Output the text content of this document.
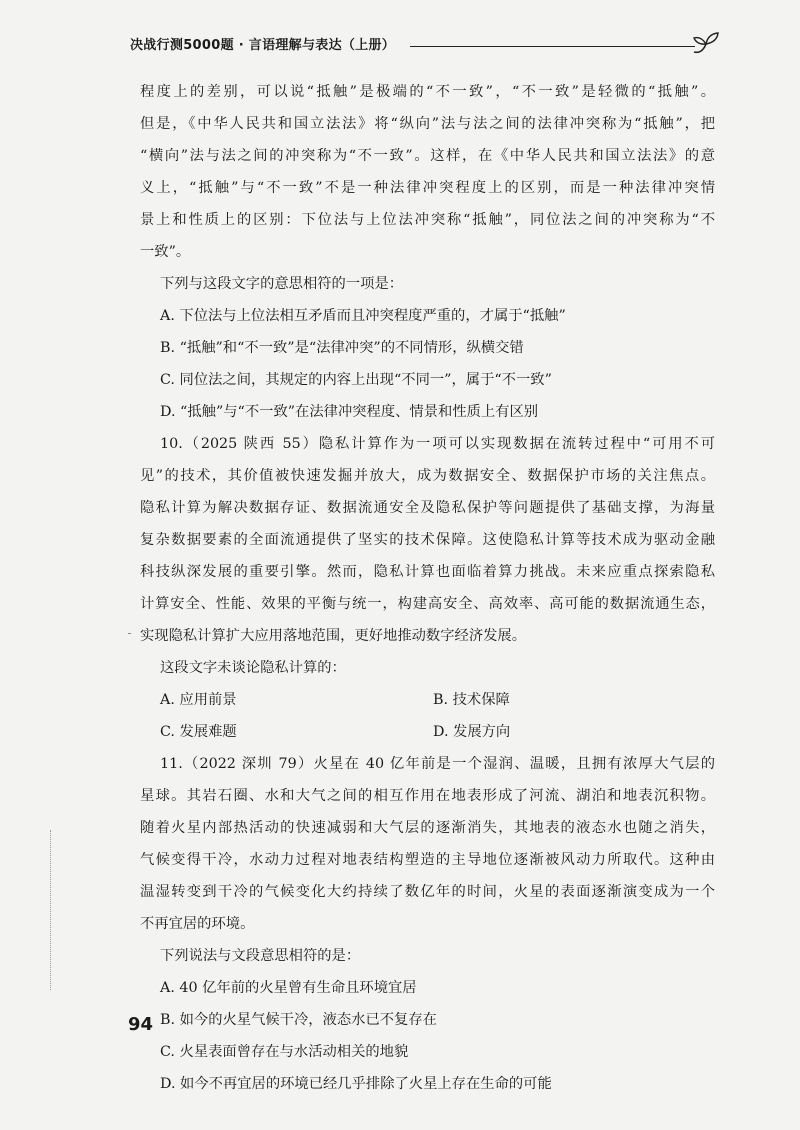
决战行测5000题 · 言语理解与表达（上册）
程度上的差别，可以说“抵触”是极端的“不一致”，“不一致”是轻微的“抵触”。
但是，《中华人民共和国立法法》将“纵向”法与法之间的法律冲突称为“抵触”，把
“横向”法与法之间的冲突称为“不一致”。这样，在《中华人民共和国立法法》的意
义上，“抵触”与“不一致”不是一种法律冲突程度上的区别，而是一种法律冲突情
景上和性质上的区别：下位法与上位法冲突称“抵触”，同位法之间的冲突称为“不
一致”。
下列与这段文字的意思相符的一项是：
A. 下位法与上位法相互矛盾而且冲突程度严重的，才属于“抵触”
B. “抵触”和“不一致”是“法律冲突”的不同情形，纵横交错
C. 同位法之间，其规定的内容上出现“不同一”，属于“不一致”
D. “抵触”与“不一致”在法律冲突程度、情景和性质上有区别
10.（2025 陕西 55）隐私计算作为一项可以实现数据在流转过程中“可用不可
见”的技术，其价值被快速发掘并放大，成为数据安全、数据保护市场的关注焦点。
隐私计算为解决数据存证、数据流通安全及隐私保护等问题提供了基础支撑，为海量
复杂数据要素的全面流通提供了坚实的技术保障。这使隐私计算等技术成为驱动金融
科技纵深发展的重要引擎。然而，隐私计算也面临着算力挑战。未来应重点探索隐私
计算安全、性能、效果的平衡与统一，构建高安全、高效率、高可能的数据流通生态，
实现隐私计算扩大应用落地范围，更好地推动数字经济发展。
这段文字未谈论隐私计算的：
A. 应用前景	B. 技术保障
C. 发展难题	D. 发展方向
11.（2022 深圳 79）火星在 40 亿年前是一个湿润、温暖，且拥有浓厚大气层的
星球。其岩石圈、水和大气之间的相互作用在地表形成了河流、湖泊和地表沉积物。
随着火星内部热活动的快速减弱和大气层的逐渐消失，其地表的液态水也随之消失，
气候变得干冷，水动力过程对地表结构塑造的主导地位逐渐被风动力所取代。这种由
温湿转变到干冷的气候变化大约持续了数亿年的时间，火星的表面逐渐演变成为一个
不再宜居的环境。
下列说法与文段意思相符的是：
A. 40 亿年前的火星曾有生命且环境宜居
B. 如今的火星气候干冷，液态水已不复存在
C. 火星表面曾存在与水活动相关的地貌
D. 如今不再宜居的环境已经几乎排除了火星上存在生命的可能
94
